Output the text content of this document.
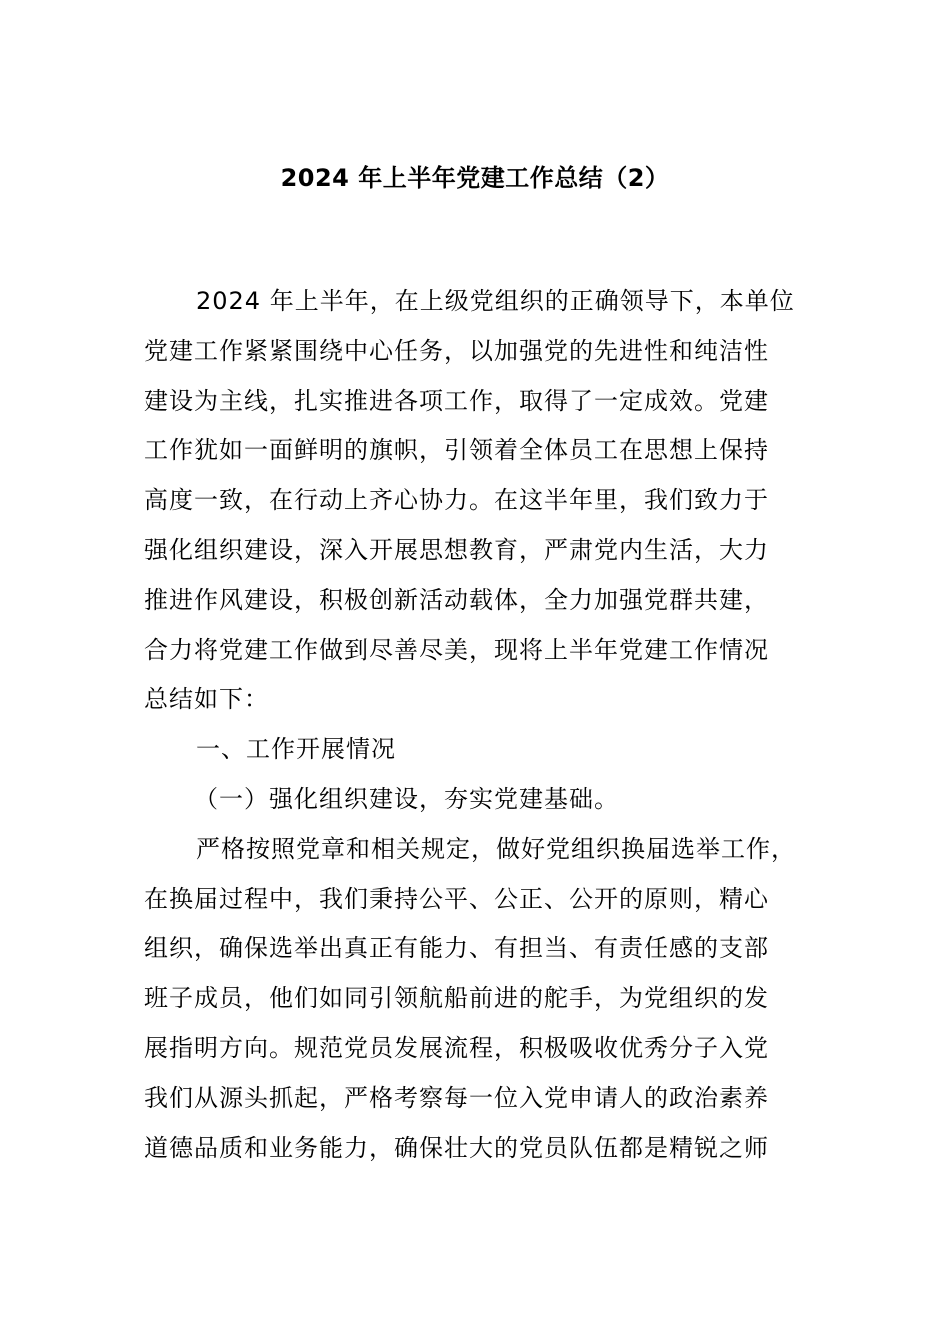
2024 年上半年党建工作总结（2）
2024 年上半年，在上级党组织的正确领导下，本单位
党建工作紧紧围绕中心任务，以加强党的先进性和纯洁性
建设为主线，扎实推进各项工作，取得了一定成效。党建
工作犹如一面鲜明的旗帜，引领着全体员工在思想上保持
高度一致，在行动上齐心协力。在这半年里，我们致力于
强化组织建设，深入开展思想教育，严肃党内生活，大力
推进作风建设，积极创新活动载体，全力加强党群共建，
合力将党建工作做到尽善尽美，现将上半年党建工作情况
总结如下：
一、工作开展情况
（一）强化组织建设，夯实党建基础。
严格按照党章和相关规定，做好党组织换届选举工作，
在换届过程中，我们秉持公平、公正、公开的原则，精心
组织，确保选举出真正有能力、有担当、有责任感的支部
班子成员，他们如同引领航船前进的舵手，为党组织的发
展指明方向。规范党员发展流程，积极吸收优秀分子入党
我们从源头抓起，严格考察每一位入党申请人的政治素养
道德品质和业务能力，确保壮大的党员队伍都是精锐之师
